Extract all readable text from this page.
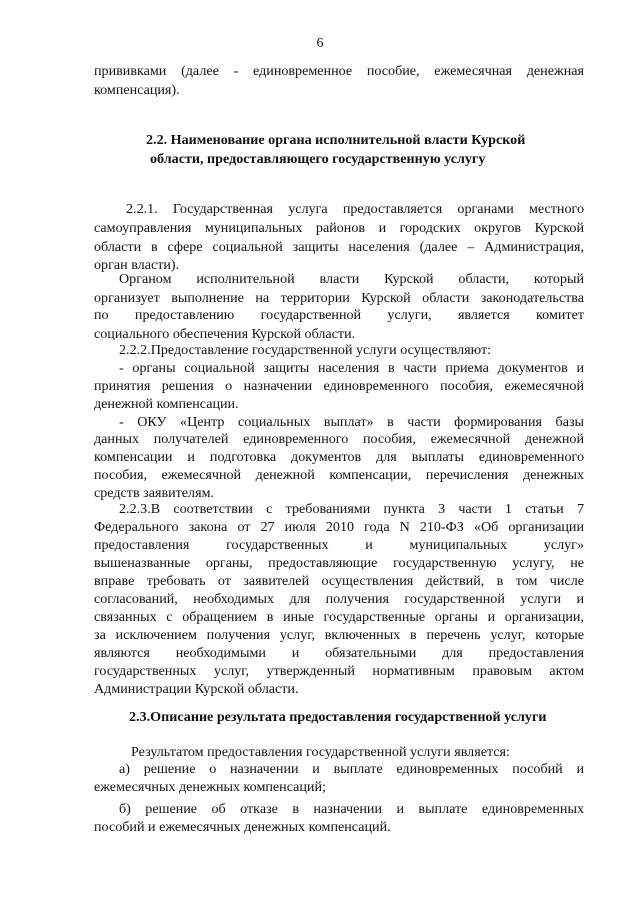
6
прививками (далее - единовременное пособие, ежемесячная денежная
компенсация).
2.2. Наименование органа исполнительной власти Курской
области, предоставляющего государственную услугу
2.2.1. Государственная услуга предоставляется органами местного
самоуправления муниципальных районов и городских округов Курской
области в сфере социальной защиты населения (далее – Администрация,
орган власти).
Органом исполнительной власти Курской области, который
организует выполнение на территории Курской области законодательства
по предоставлению государственной услуги, является комитет
социального обеспечения Курской области.
2.2.2.Предоставление государственной услуги осуществляют:
- органы социальной защиты населения в части приема документов и
принятия решения о назначении единовременного пособия, ежемесячной
денежной компенсации.
- ОКУ «Центр социальных выплат» в части формирования базы
данных получателей единовременного пособия, ежемесячной денежной
компенсации и подготовка документов для выплаты единовременного
пособия, ежемесячной денежной компенсации, перечисления денежных
средств заявителям.
2.2.3.В соответствии с требованиями пункта 3 части 1 статьи 7
Федерального закона от 27 июля 2010 года N 210-ФЗ «Об организации
предоставления государственных и муниципальных услуг»
вышеназванные органы, предоставляющие государственную услугу, не
вправе требовать от заявителей осуществления действий, в том числе
согласований, необходимых для получения государственной услуги и
связанных с обращением в иные государственные органы и организации,
за исключением получения услуг, включенных в перечень услуг, которые
являются необходимыми и обязательными для предоставления
государственных услуг, утвержденный нормативным правовым актом
Администрации Курской области.
2.3.Описание результата предоставления государственной услуги
Результатом предоставления государственной услуги является:
а) решение о назначении и выплате единовременных пособий и
ежемесячных денежных компенсаций;
б) решение об отказе в назначении и выплате единовременных
пособий и ежемесячных денежных компенсаций.
